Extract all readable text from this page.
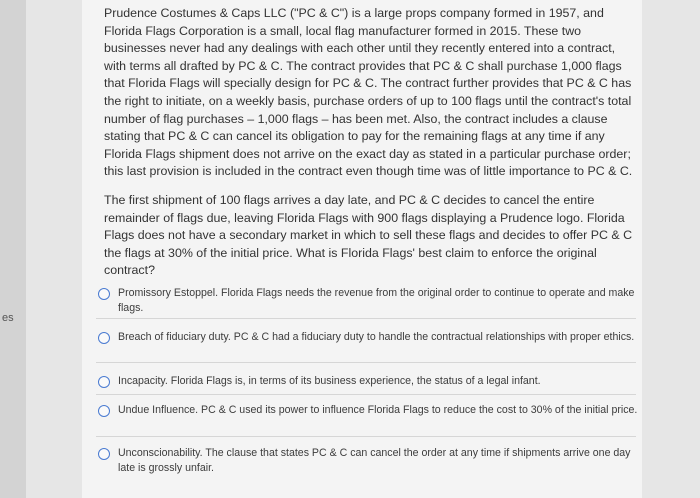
es

Prudence Costumes & Caps LLC ("PC & C") is a large props company formed in 1957, and Florida Flags Corporation is a small, local flag manufacturer formed in 2015. These two businesses never had any dealings with each other until they recently entered into a contract, with terms all drafted by PC & C. The contract provides that PC & C shall purchase 1,000 flags that Florida Flags will specially design for PC & C. The contract further provides that PC & C has the right to initiate, on a weekly basis, purchase orders of up to 100 flags until the contract's total number of flag purchases – 1,000 flags – has been met. Also, the contract includes a clause stating that PC & C can cancel its obligation to pay for the remaining flags at any time if any Florida Flags shipment does not arrive on the exact day as stated in a particular purchase order; this last provision is included in the contract even though time was of little importance to PC & C.

The first shipment of 100 flags arrives a day late, and PC & C decides to cancel the entire remainder of flags due, leaving Florida Flags with 900 flags displaying a Prudence logo. Florida Flags does not have a secondary market in which to sell these flags and decides to offer PC & C the flags at 30% of the initial price. What is Florida Flags' best claim to enforce the original contract?

Promissory Estoppel. Florida Flags needs the revenue from the original order to continue to operate and make flags.
Breach of fiduciary duty. PC & C had a fiduciary duty to handle the contractual relationships with proper ethics.
Incapacity. Florida Flags is, in terms of its business experience, the status of a legal infant.
Undue Influence. PC & C used its power to influence Florida Flags to reduce the cost to 30% of the initial price.
Unconscionability. The clause that states PC & C can cancel the order at any time if shipments arrive one day late is grossly unfair.
